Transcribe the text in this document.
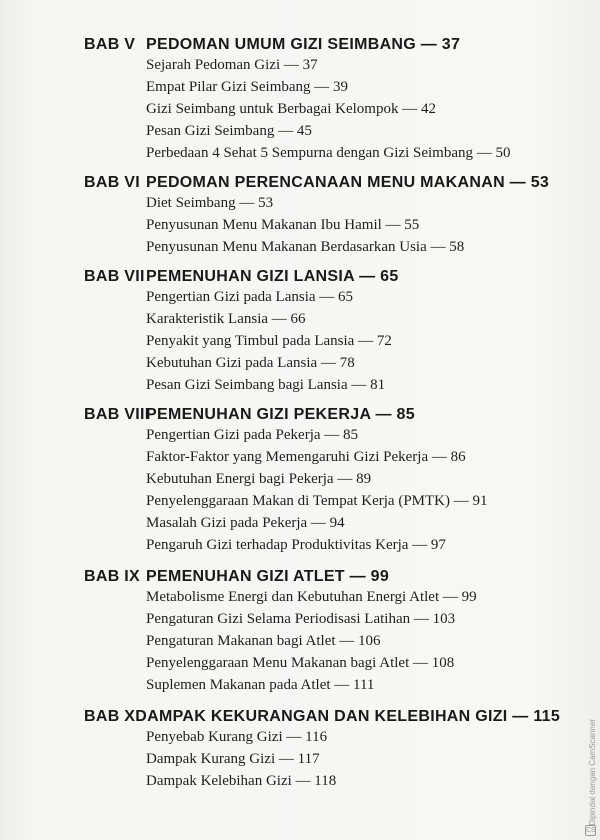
BAB V PEDOMAN UMUM GIZI SEIMBANG — 37
Sejarah Pedoman Gizi — 37
Empat Pilar Gizi Seimbang — 39
Gizi Seimbang untuk Berbagai Kelompok — 42
Pesan Gizi Seimbang — 45
Perbedaan 4 Sehat 5 Sempurna dengan Gizi Seimbang — 50
BAB VI PEDOMAN PERENCANAAN MENU MAKANAN — 53
Diet Seimbang — 53
Penyusunan Menu Makanan Ibu Hamil — 55
Penyusunan Menu Makanan Berdasarkan Usia — 58
BAB VII PEMENUHAN GIZI LANSIA — 65
Pengertian Gizi pada Lansia — 65
Karakteristik Lansia — 66
Penyakit yang Timbul pada Lansia — 72
Kebutuhan Gizi pada Lansia — 78
Pesan Gizi Seimbang bagi Lansia — 81
BAB VIII
PEMENUHAN GIZI PEKERJA — 85
Pengertian Gizi pada Pekerja — 85
Faktor-Faktor yang Memengaruhi Gizi Pekerja — 86
Kebutuhan Energi bagi Pekerja — 89
Penyelenggaraan Makan di Tempat Kerja (PMTK) — 91
Masalah Gizi pada Pekerja — 94
Pengaruh Gizi terhadap Produktivitas Kerja — 97
BAB IX PEMENUHAN GIZI ATLET — 99
Metabolisme Energi dan Kebutuhan Energi Atlet — 99
Pengaturan Gizi Selama Periodisasi Latihan — 103
Pengaturan Makanan bagi Atlet — 106
Penyelenggaraan Menu Makanan bagi Atlet — 108
Suplemen Makanan pada Atlet — 111
BAB X DAMPAK KEKURANGAN DAN KELEBIHAN GIZI — 115
Penyebab Kurang Gizi — 116
Dampak Kurang Gizi — 117
Dampak Kelebihan Gizi — 118	Dipindai dengan CamScanner
CS
